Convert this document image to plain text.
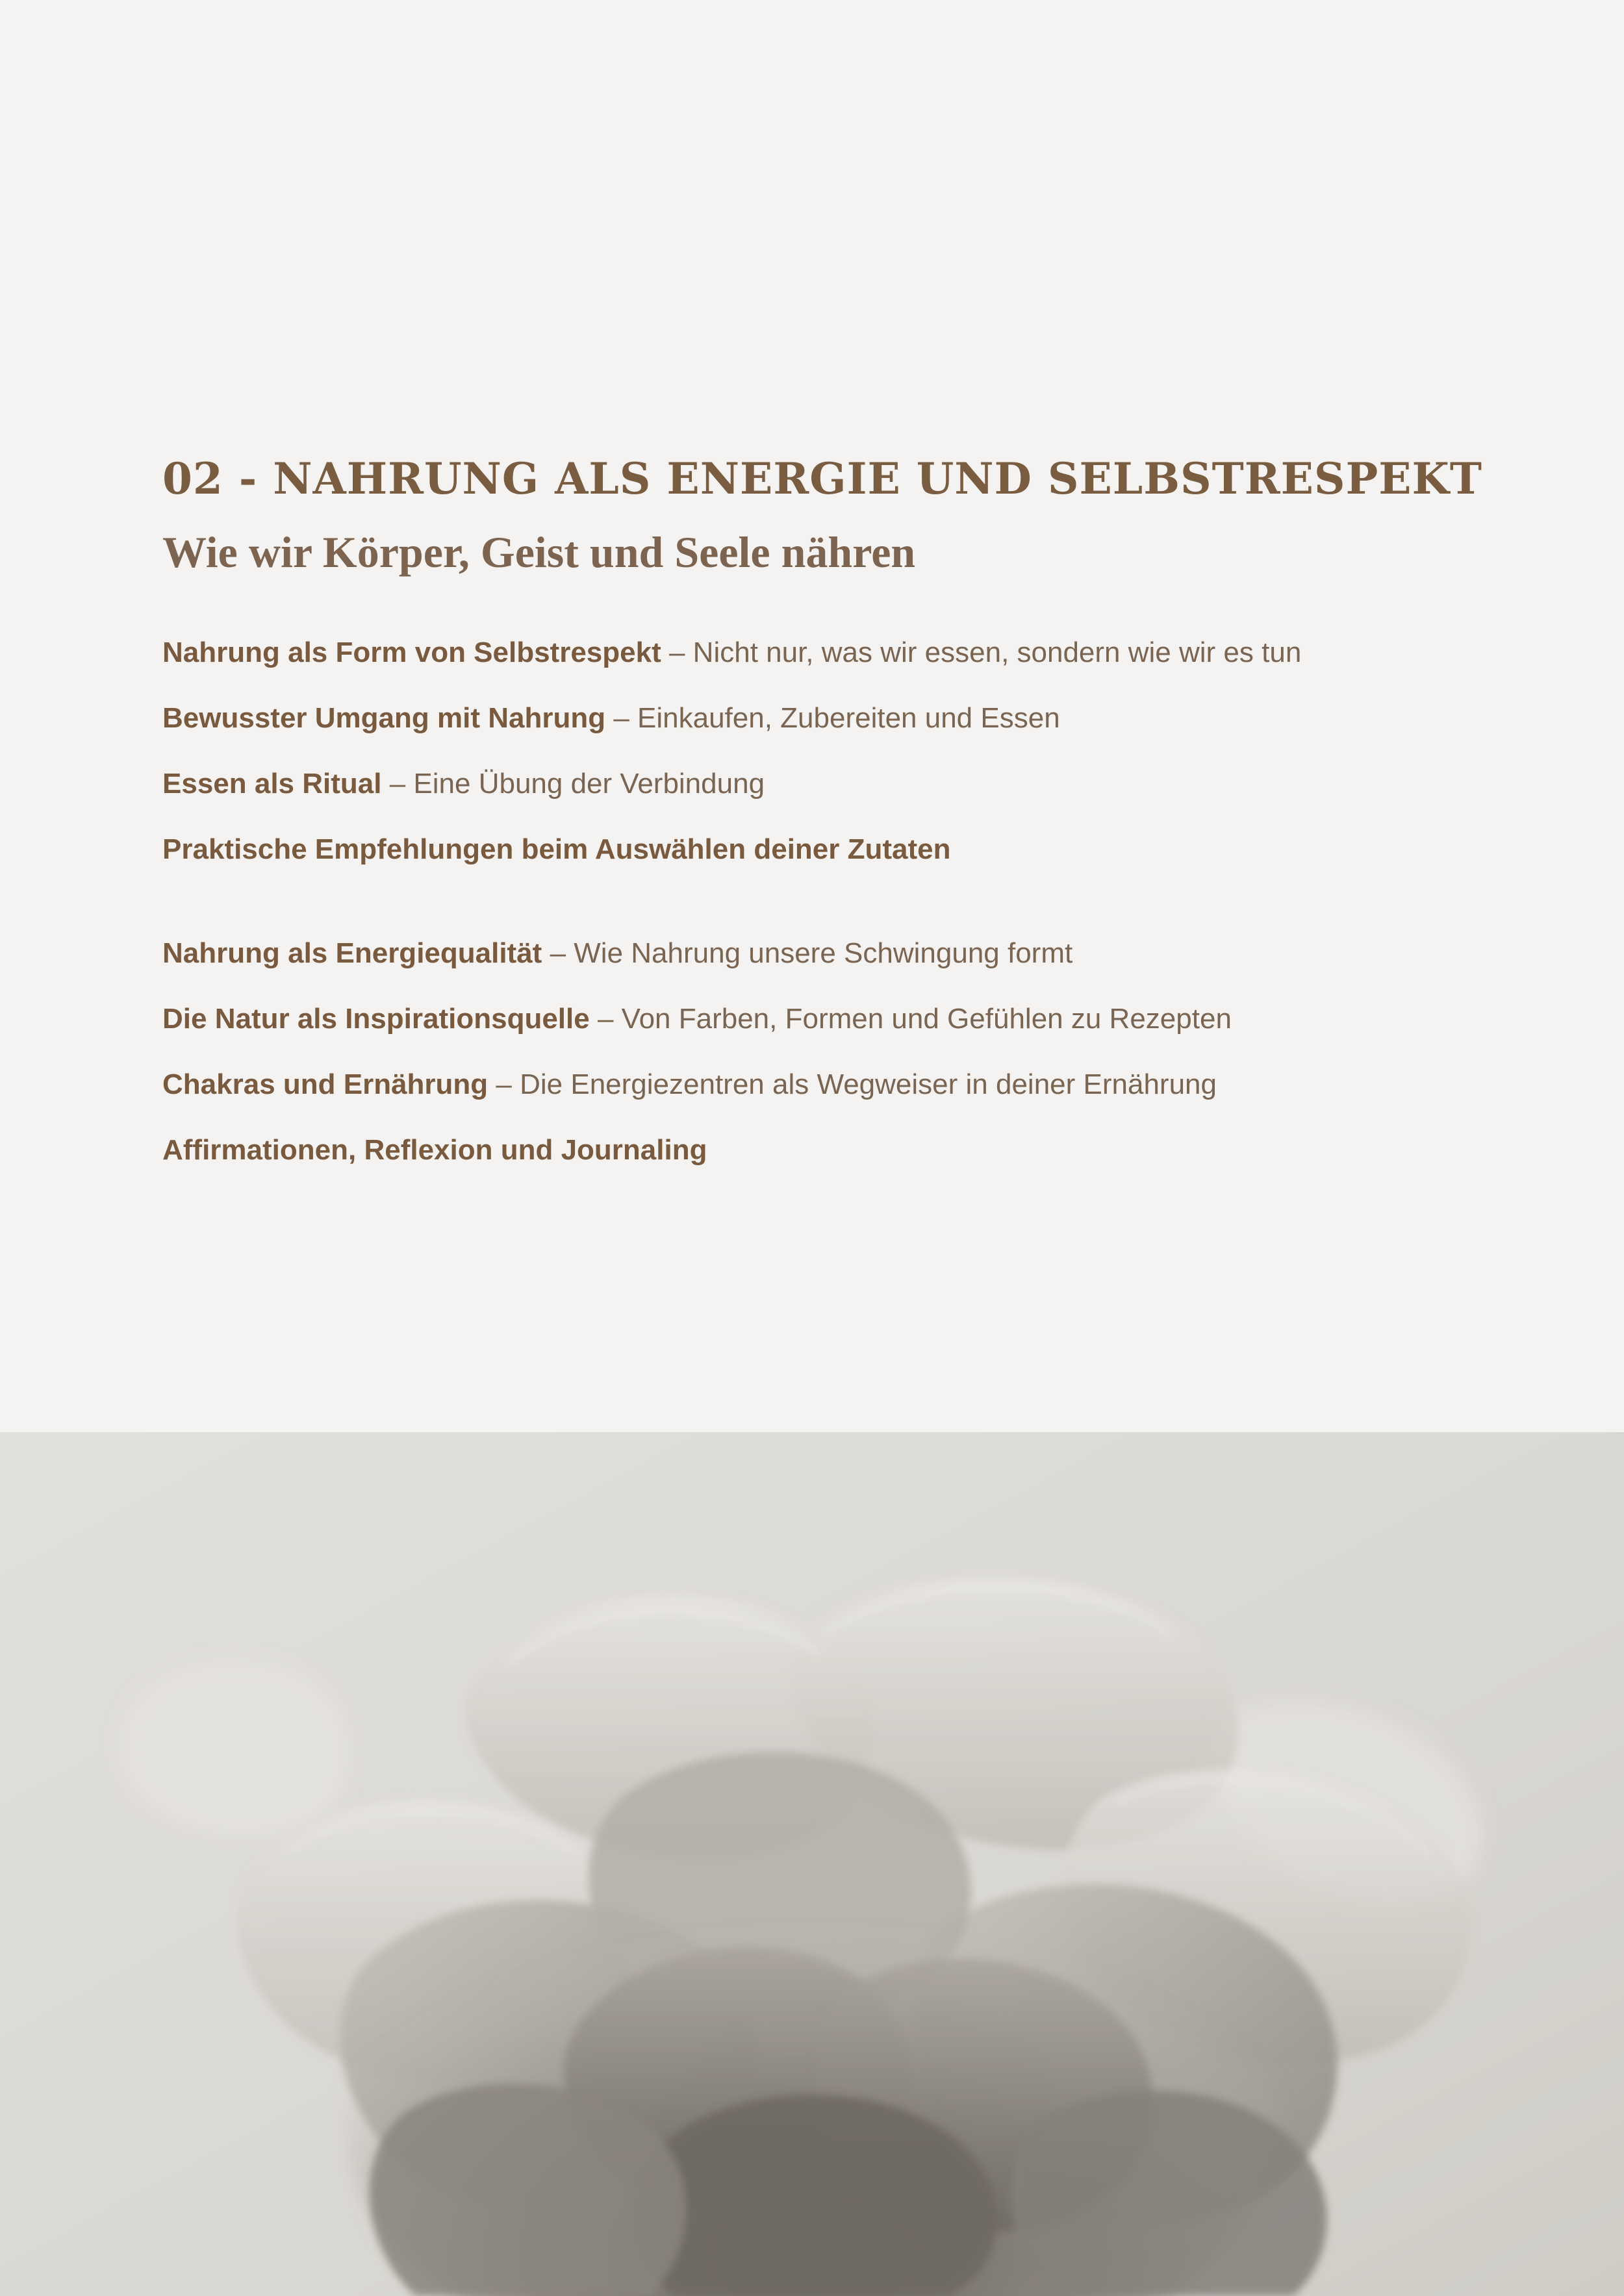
02 - NAHRUNG ALS ENERGIE UND SELBSTRESPEKT
Wie wir Körper, Geist und Seele nähren
Nahrung als Form von Selbstrespekt – Nicht nur, was wir essen, sondern wie wir es tun
Bewusster Umgang mit Nahrung – Einkaufen, Zubereiten und Essen
Essen als Ritual – Eine Übung der Verbindung
Praktische Empfehlungen beim Auswählen deiner Zutaten
Nahrung als Energiequalität – Wie Nahrung unsere Schwingung formt
Die Natur als Inspirationsquelle – Von Farben, Formen und Gefühlen zu Rezepten
Chakras und Ernährung – Die Energiezentren als Wegweiser in deiner Ernährung
Affirmationen, Reflexion und Journaling
